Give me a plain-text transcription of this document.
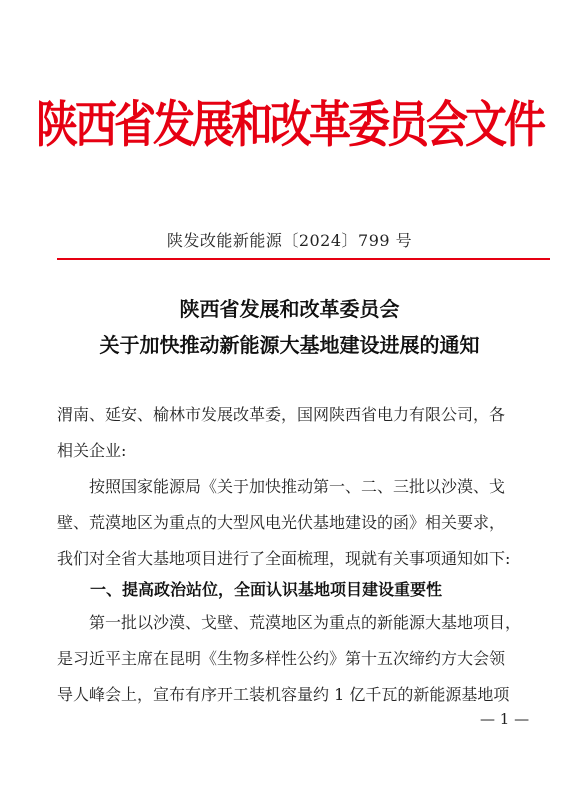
陕西省发展和改革委员会文件
陕发改能新能源〔2024〕799 号
陕西省发展和改革委员会
关于加快推动新能源大基地建设进展的通知
渭南、延安、榆林市发展改革委，国网陕西省电力有限公司，各
相关企业:
　　按照国家能源局《关于加快推动第一、二、三批以沙漠、戈
壁、荒漠地区为重点的大型风电光伏基地建设的函》相关要求，
我们对全省大基地项目进行了全面梳理，现就有关事项通知如下:
一、提高政治站位，全面认识基地项目建设重要性
　　第一批以沙漠、戈壁、荒漠地区为重点的新能源大基地项目，
是习近平主席在昆明《生物多样性公约》第十五次缔约方大会领
导人峰会上，宣布有序开工装机容量约 1 亿千瓦的新能源基地项
— 1 —
